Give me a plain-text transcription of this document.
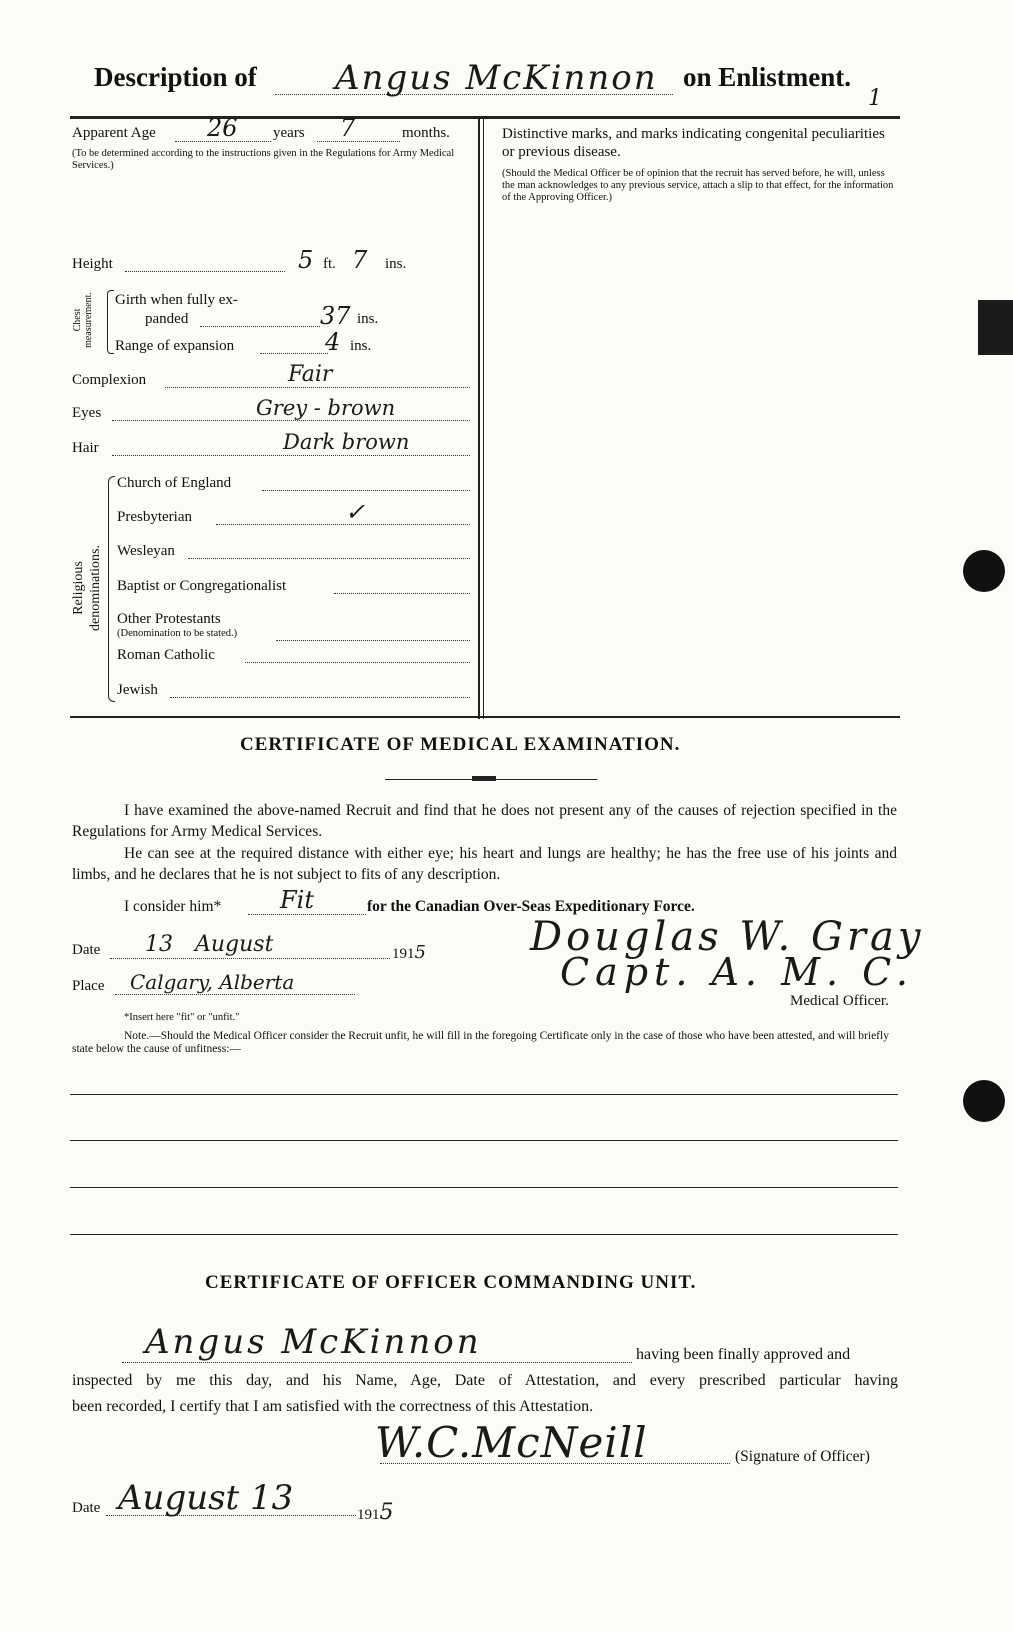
Description of Angus McKinnon on Enlistment.
1
Apparent Age 26 years 7	months.
(To be determined according to the instructions given in the Regulations for Army Medical Services.)
Height	5 ft. 7 ins.
Chest measurement. Girth when fully ex-
panded	37 ins.
Range of expansion	4 ins.
Complexion	Fair
Eyes	Grey - brown
Hair	Dark brown
Religious denominations.
Church of England
Presbyterian	✓
Wesleyan
Baptist or Congregationalist
Other Protestants
(Denomination to be stated.)
Roman Catholic
Jewish
Distinctive marks, and marks indicating congenital peculiarities or previous disease.
(Should the Medical Officer be of opinion that the recruit has served before, he will, unless the man acknowledges to any previous service, attach a slip to that effect, for the information of the Approving Officer.)
CERTIFICATE OF MEDICAL EXAMINATION.
I have examined the above-named Recruit and find that he does not present any of the causes of rejection specified in the Regulations for Army Medical Services.
He can see at the required distance with either eye; his heart and lungs are healthy; he has the free use of his joints and limbs, and he declares that he is not subject to fits of any description.
I consider him* Fit	for the Canadian Over-Seas Expeditionary Force.
Date 13 August	1915
Place Calgary, Alberta
Douglas W. Gray
Capt. A. M. C.
Medical Officer.
*Insert here "fit" or "unfit."
Note.—Should the Medical Officer consider the Recruit unfit, he will fill in the foregoing Certificate only in the case of those who have been attested, and will briefly state below the cause of unfitness:—
CERTIFICATE OF OFFICER COMMANDING UNIT.
Angus McKinnon	having been finally approved and
inspected by me this day, and his Name, Age, Date of Attestation, and every prescribed particular having
been recorded, I certify that I am satisfied with the correctness of this Attestation.
W.C.McNeill	(Signature of Officer)
Date August 13	1915
